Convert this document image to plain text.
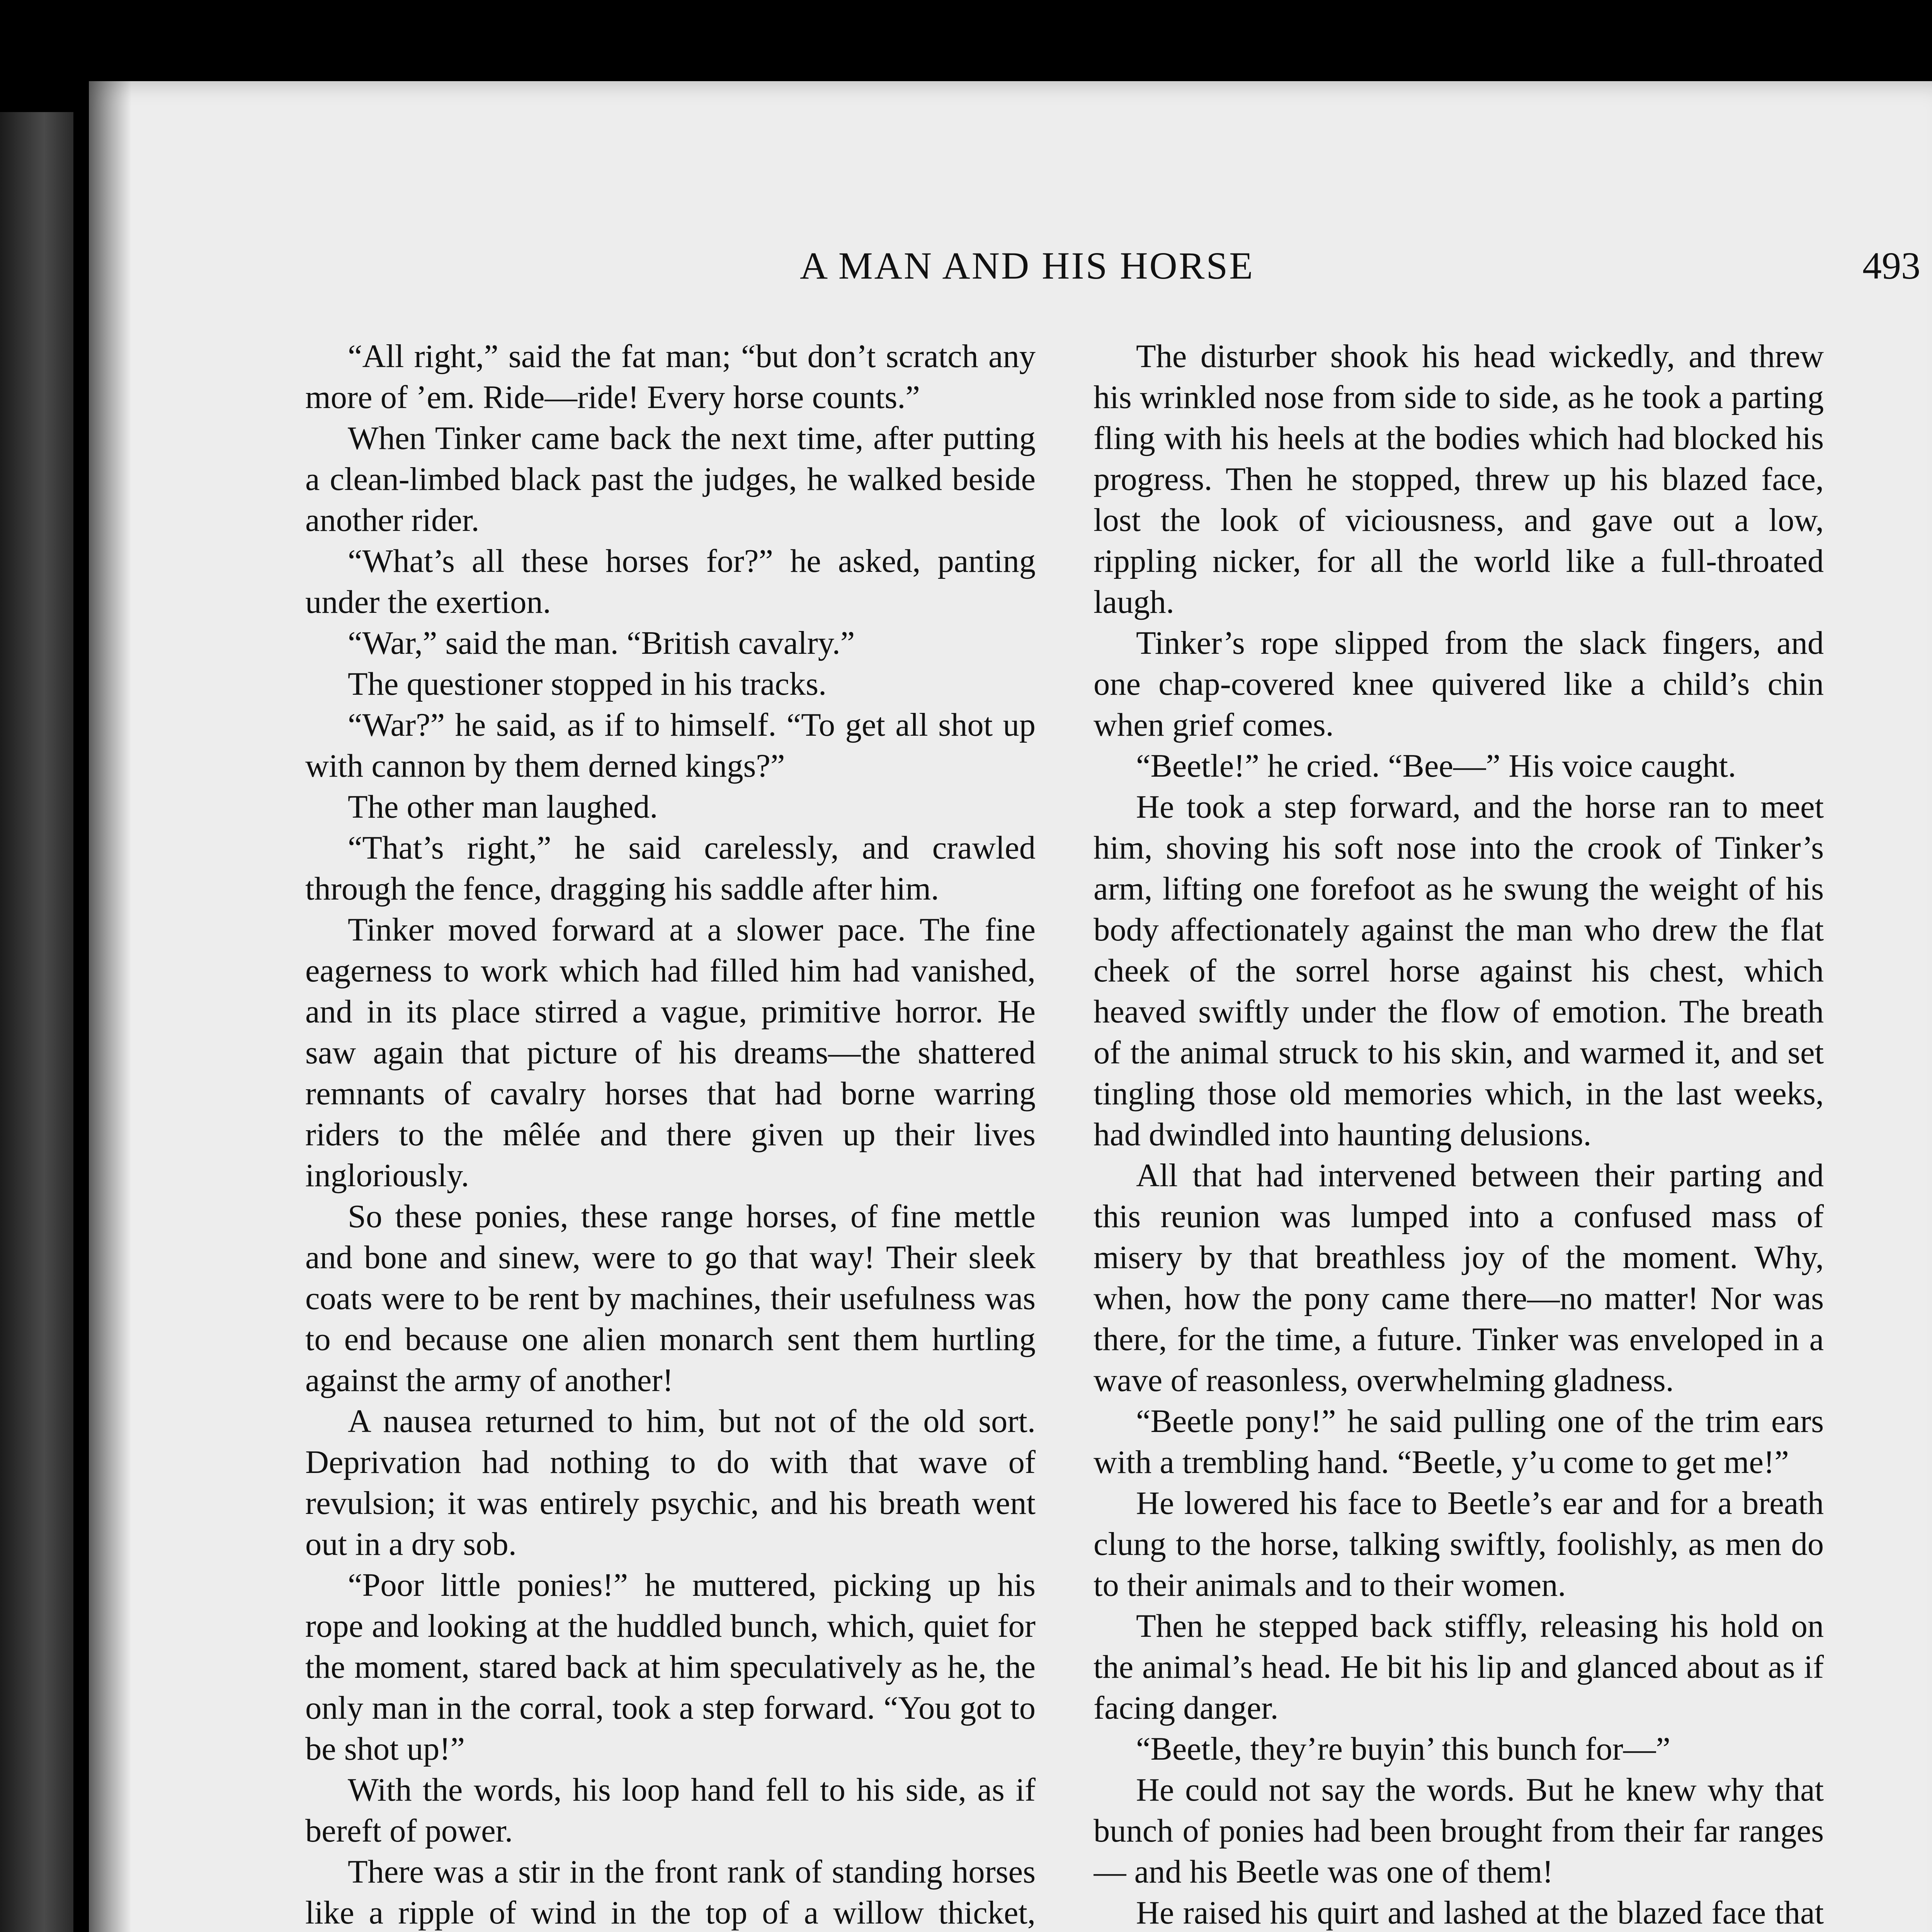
A MAN AND HIS HORSE	493

“All right,” said the fat man; “but don’t scratch any more of ’em. Ride—ride! Every horse counts.”

When Tinker came back the next time, after putting a clean-limbed black past the judges, he walked beside another rider.

“What’s all these horses for?” he asked, panting under the exertion.

“War,” said the man. “British cavalry.”

The questioner stopped in his tracks.

“War?” he said, as if to himself. “To get all shot up with cannon by them derned kings?”

The other man laughed.

“That’s right,” he said carelessly, and crawled through the fence, dragging his saddle after him.

Tinker moved forward at a slower pace. The fine eagerness to work which had filled him had vanished, and in its place stirred a vague, primitive horror. He saw again that picture of his dreams—the shattered remnants of cavalry horses that had borne warring riders to the mêlée and there given up their lives ingloriously.

So these ponies, these range horses, of fine mettle and bone and sinew, were to go that way! Their sleek coats were to be rent by machines, their usefulness was to end because one alien monarch sent them hurtling against the army of another!

A nausea returned to him, but not of the old sort. Deprivation had nothing to do with that wave of revulsion; it was entirely psychic, and his breath went out in a dry sob.

“Poor little ponies!” he muttered, picking up his rope and looking at the huddled bunch, which, quiet for the moment, stared back at him speculatively as he, the only man in the corral, took a step forward. “You got to be shot up!”

With the words, his loop hand fell to his side, as if bereft of power.

There was a stir in the front rank of standing horses like a ripple of wind in the top of a willow thicket,

The disturber shook his head wickedly, and threw his wrinkled nose from side to side, as he took a parting fling with his heels at the bodies which had blocked his progress. Then he stopped, threw up his blazed face, lost the look of viciousness, and gave out a low, rippling nicker, for all the world like a full-throated laugh.

Tinker’s rope slipped from the slack fingers, and one chap-covered knee quivered like a child’s chin when grief comes.

“Beetle!” he cried. “Bee—” His voice caught.

He took a step forward, and the horse ran to meet him, shoving his soft nose into the crook of Tinker’s arm, lifting one forefoot as he swung the weight of his body affectionately against the man who drew the flat cheek of the sorrel horse against his chest, which heaved swiftly under the flow of emotion. The breath of the animal struck to his skin, and warmed it, and set tingling those old memories which, in the last weeks, had dwindled into haunting delusions.

All that had intervened between their parting and this reunion was lumped into a confused mass of misery by that breathless joy of the moment. Why, when, how the pony came there—no matter! Nor was there, for the time, a future. Tinker was enveloped in a wave of reasonless, overwhelming gladness.

“Beetle pony!” he said pulling one of the trim ears with a trembling hand. “Beetle, y’u come to get me!”

He lowered his face to Beetle’s ear and for a breath clung to the horse, talking swiftly, foolishly, as men do to their animals and to their women.

Then he stepped back stiffly, releasing his hold on the animal’s head. He bit his lip and glanced about as if facing danger.

“Beetle, they’re buyin’ this bunch for—”

He could not say the words. But he knew why that bunch of ponies had been brought from their far ranges — and his Beetle was one of them!

He raised his quirt and lashed at the blazed face that
